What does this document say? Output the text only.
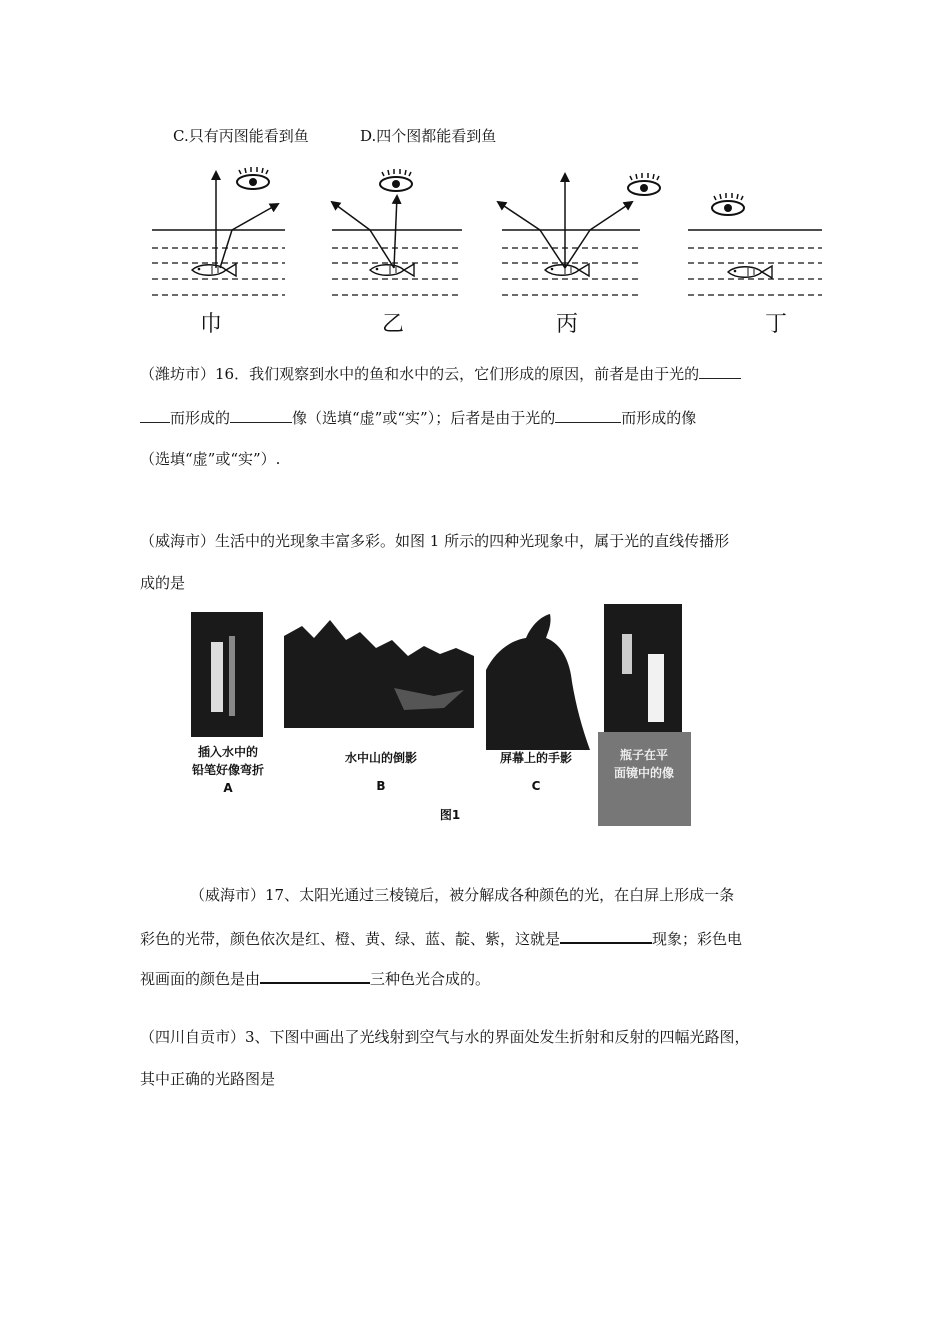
C.只有丙图能看到鱼	D.四个图都能看到鱼
巾	乙	丙	丁
（潍坊市）16．我们观察到水中的鱼和水中的云，它们形成的原因，前者是由于光的
而形成的	像（选填“虚”或“实”）；后者是由于光的	而形成的像
（选填“虚”或“实”）.
（威海市）生活中的光现象丰富多彩。如图 1 所示的四种光现象中，属于光的直线传播形
成的是
插入水中的
铅笔好像弯折
A
水中山的倒影
B
屏幕上的手影
C
瓶子在平
面镜中的像
图1
（威海市）17、太阳光通过三棱镜后，被分解成各种颜色的光，在白屏上形成一条
彩色的光带，颜色依次是红、橙、黄、绿、蓝、靛、紫，这就是	现象；彩色电
视画面的颜色是由	三种色光合成的。
（四川自贡市）3、下图中画出了光线射到空气与水的界面处发生折射和反射的四幅光路图，
其中正确的光路图是
